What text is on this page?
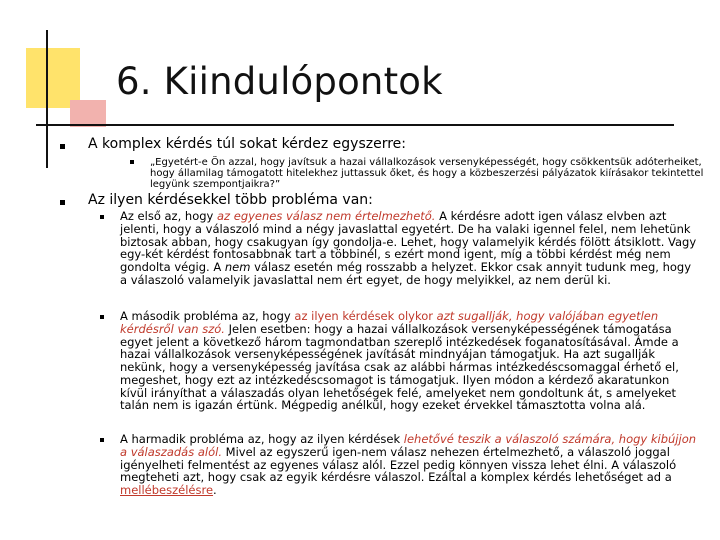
6. Kiindulópontok
A komplex kérdés túl sokat kérdez egyszerre:
„Egyetért-e Ön azzal, hogy javítsuk a hazai vállalkozások versenyképességét, hogy csökkentsük adóterheiket, hogy államilag támogatott hitelekhez juttassuk őket, és hogy a közbeszerzési pályázatok kiírásakor tekintettel legyünk szempontjaikra?”
Az ilyen kérdésekkel több probléma van:
Az első az, hogy az egyenes válasz nem értelmezhető. A kérdésre adott igen válasz elvben azt jelenti, hogy a válaszoló mind a négy javaslattal egyetért. De ha valaki igennel felel, nem lehetünk biztosak abban, hogy csakugyan így gondolja-e. Lehet, hogy valamelyik kérdés fölött átsiklott. Vagy egy-két kérdést fontosabbnak tart a többinél, s ezért mond igent, míg a többi kérdést még nem gondolta végig. A nem válasz esetén még rosszabb a helyzet. Ekkor csak annyit tudunk meg, hogy a válaszoló valamelyik javaslattal nem ért egyet, de hogy melyikkel, az nem derül ki.
A második probléma az, hogy az ilyen kérdések olykor azt sugallják, hogy valójában egyetlen kérdésről van szó. Jelen esetben: hogy a hazai vállalkozások versenyképességének támogatása egyet jelent a következő három tagmondatban szereplő intézkedések foganatosításával. Ámde a hazai vállalkozások versenyképességének javítását mindnyájan támogatjuk. Ha azt sugallják nekünk, hogy a versenyképesség javítása csak az alábbi hármas intézkedéscsomaggal érhető el, megeshet, hogy ezt az intézkedéscsomagot is támogatjuk. Ilyen módon a kérdező akaratunkon kívül irányíthat a válaszadás olyan lehetőségek felé, amelyeket nem gondoltunk át, s amelyeket talán nem is igazán értünk. Mégpedig anélkül, hogy ezeket érvekkel támasztotta volna alá.
A harmadik probléma az, hogy az ilyen kérdések lehetővé teszik a válaszoló számára, hogy kibújjon a válaszadás alól. Mivel az egyszerű igen-nem válasz nehezen értelmezhető, a válaszoló joggal igényelheti felmentést az egyenes válasz alól. Ezzel pedig könnyen vissza lehet élni. A válaszoló megteheti azt, hogy csak az egyik kérdésre válaszol. Ezáltal a komplex kérdés lehetőséget ad a mellébeszélésre.
